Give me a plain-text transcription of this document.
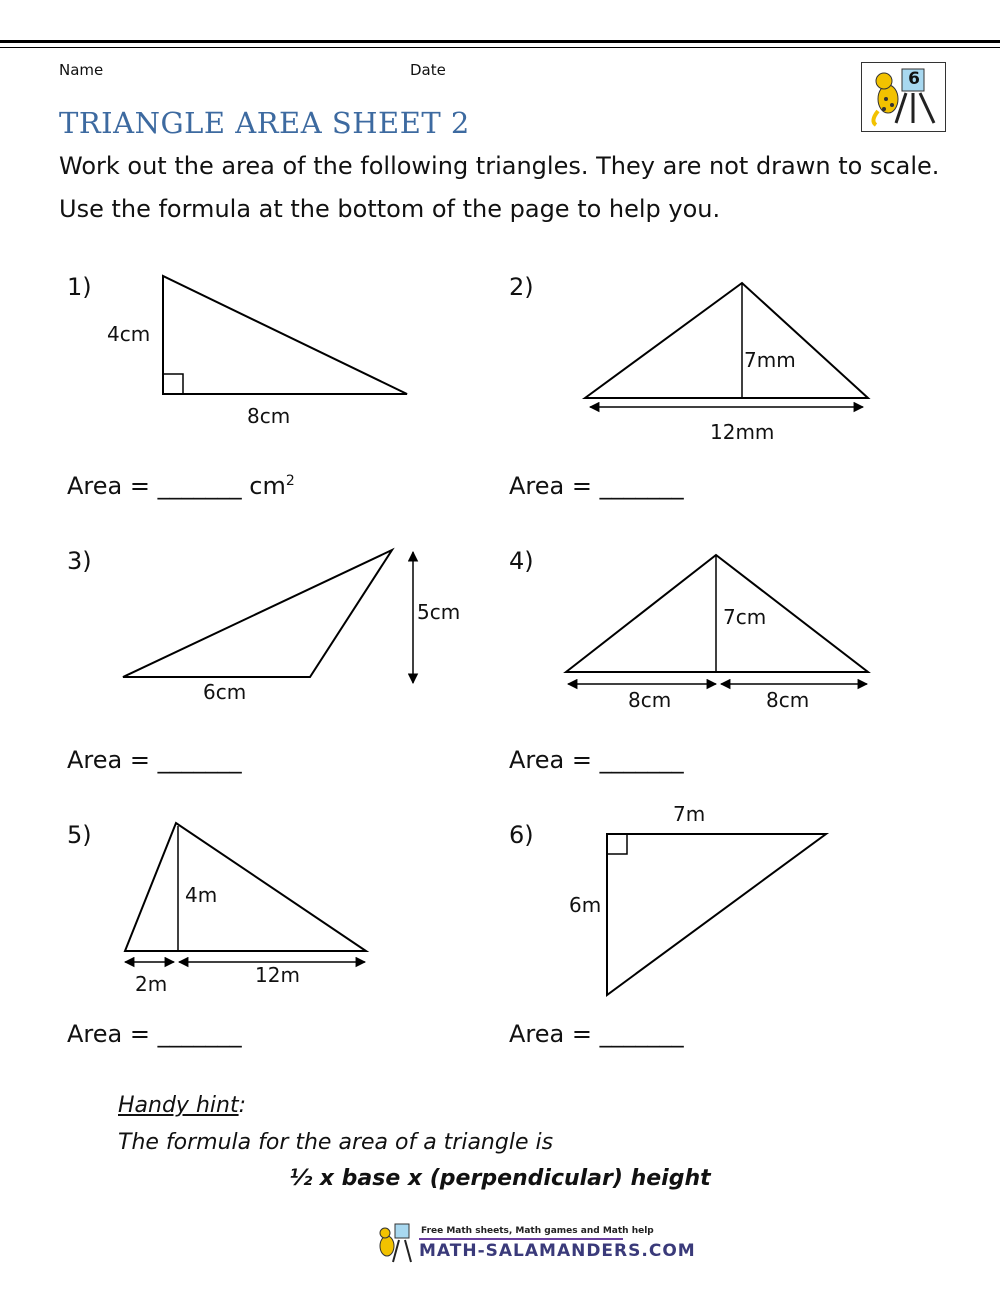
Name	Date	6
TRIANGLE AREA SHEET 2
Work out the area of the following triangles. They are not drawn to scale.
Use the formula at the bottom of the page to help you.
1)
4cm
8cm
Area = _______ $cm^2$
2)
7mm
12mm
Area = _______
3)
5cm
6cm
Area = _______
4)
7cm
8cm	8cm
Area = _______
5)
4m
2m	12m
Area = _______
6)
7m
6m
Area = _______
Handy hint:
The formula for the area of a triangle is
½ x base x (perpendicular) height
Free Math sheets, Math games and Math help
MATH-SALAMANDERS.COM
